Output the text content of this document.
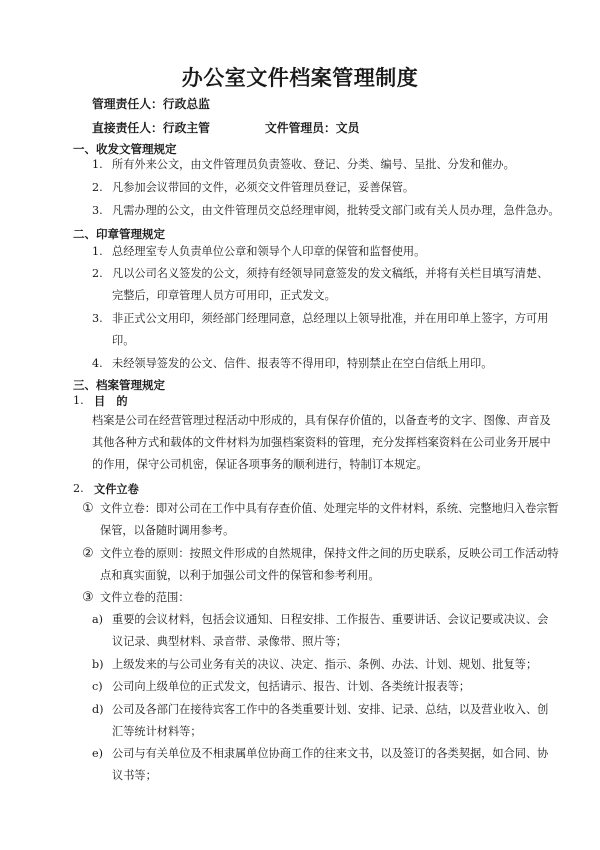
办公室文件档案管理制度
管理责任人：行政总监
直接责任人：行政主管	文件管理员：文员
一、收发文管理规定
1. 所有外来公文，由文件管理员负责签收、登记、分类、编号、呈批、分发和催办。
2. 凡参加会议带回的文件，必须交文件管理员登记，妥善保管。
3. 凡需办理的公文，由文件管理员交总经理审阅，批转受文部门或有关人员办理，急件急办。
二、印章管理规定
1. 总经理室专人负责单位公章和领导个人印章的保管和监督使用。
2. 凡以公司名义签发的公文，须持有经领导同意签发的发文稿纸，并将有关栏目填写清楚、
完整后，印章管理人员方可用印，正式发文。
3. 非正式公文用印，须经部门经理同意，总经理以上领导批准，并在用印单上签字，方可用
印。
4. 未经领导签发的公文、信件、报表等不得用印，特别禁止在空白信纸上用印。
三、档案管理规定
1. 目　的
档案是公司在经营管理过程活动中形成的，具有保存价值的，以备查考的文字、图像、声音及
其他各种方式和载体的文件材料为加强档案资料的管理，充分发挥档案资料在公司业务开展中
的作用，保守公司机密，保证各项事务的顺利进行，特制订本规定。
2. 文件立卷
① 文件立卷：即对公司在工作中具有存查价值、处理完毕的文件材料，系统、完整地归入卷宗暂
保管，以备随时调用参考。
② 文件立卷的原则：按照文件形成的自然规律，保持文件之间的历史联系，反映公司工作活动特
点和真实面貌，以利于加强公司文件的保管和参考利用。
③ 文件立卷的范围：
a) 重要的会议材料，包括会议通知、日程安排、工作报告、重要讲话、会议记要或决议、会
议记录、典型材料、录音带、录像带、照片等；
b) 上级发来的与公司业务有关的决议、决定、指示、条例、办法、计划、规划、批复等；
c) 公司向上级单位的正式发文，包括请示、报告、计划、各类统计报表等；
d) 公司及各部门在接待宾客工作中的各类重要计划、安排、记录、总结，以及营业收入、创
汇等统计材料等；
e) 公司与有关单位及不相隶属单位协商工作的往来文书，以及签订的各类契据，如合同、协
议书等；
